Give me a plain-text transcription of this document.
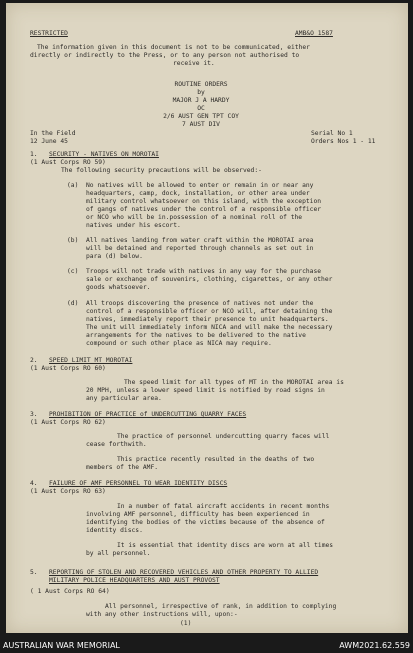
RESTRICTED	AMB&O 1587
The information given in this document is not to be communicated, either
directly or indirectly to the Press, or to any person not authorised to
receive it.
ROUTINE ORDERS
by
MAJOR J A HARDY
OC
2/6 AUST GEN TPT COY
7 AUST DIV
In the Field
12 June 45
Serial No 1
Orders Nos 1 - 11
1. SECURITY - NATIVES ON MOROTAI
(1 Aust Corps RO 59)
The following security precautions will be observed:-
(a) No natives will be allowed to enter or remain in or near any
headquarters, camp, dock, installation, or other area under
military control whatsoever on this island, with the exception
of gangs of natives under the control of a responsible officer
or NCO who will be in.possession of a nominal roll of the
natives under his escort.
(b) All natives landing from water craft within the MOROTAI area
will be detained and reported through channels as set out in
para (d) below.
(c) Troops will not trade with natives in any way for the purchase
sale or exchange of souvenirs, clothing, cigarettes, or any other
goods whatsoever.
(d) All troops discovering the presence of natives not under the
control of a responsible officer or NCO will, after detaining the
natives, immediately report their presence to unit headquarters.
The unit will immediately inform NICA and will make the necessary
arrangements for the natives to be delivered to the native
compound or such other place as NICA may require.
2. SPEED LIMIT MT MOROTAI
(1 Aust Corps RO 60)
The speed limit for all types of MT in the MOROTAI area is
20 MPH, unless a lower speed limit is notified by road signs in
any particular area.
3. PROHIBITION OF PRACTICE of UNDERCUTTING QUARRY FACES
(1 Aust Corps RO 62)
The practice of personnel undercutting quarry faces will
cease forthwith.
This practice recently resulted in the deaths of two
members of the AMF.
4. FAILURE OF AMF PERSONNEL TO WEAR IDENTITY DISCS
(1 Aust Corps RO 63)
In a number of fatal aircraft accidents in recent months
involving AMF personnel, difficulty has been experienced in
identifying the bodies of the victims because of the absence of
identity discs.
It is essential that identity discs are worn at all times
by all personnel.
5. REPORTING OF STOLEN AND RECOVERED VEHICLES AND OTHER PROPERTY TO ALLIED
MILITARY POLICE HEADQUARTERS AND AUST PROVOST
( 1 Aust Corps RO 64)
All personnel, irrespective of rank, in addition to complying
with any other instructions will, upon:-
(1)
AUSTRALIAN WAR MEMORIAL	AWM2021.62.559
